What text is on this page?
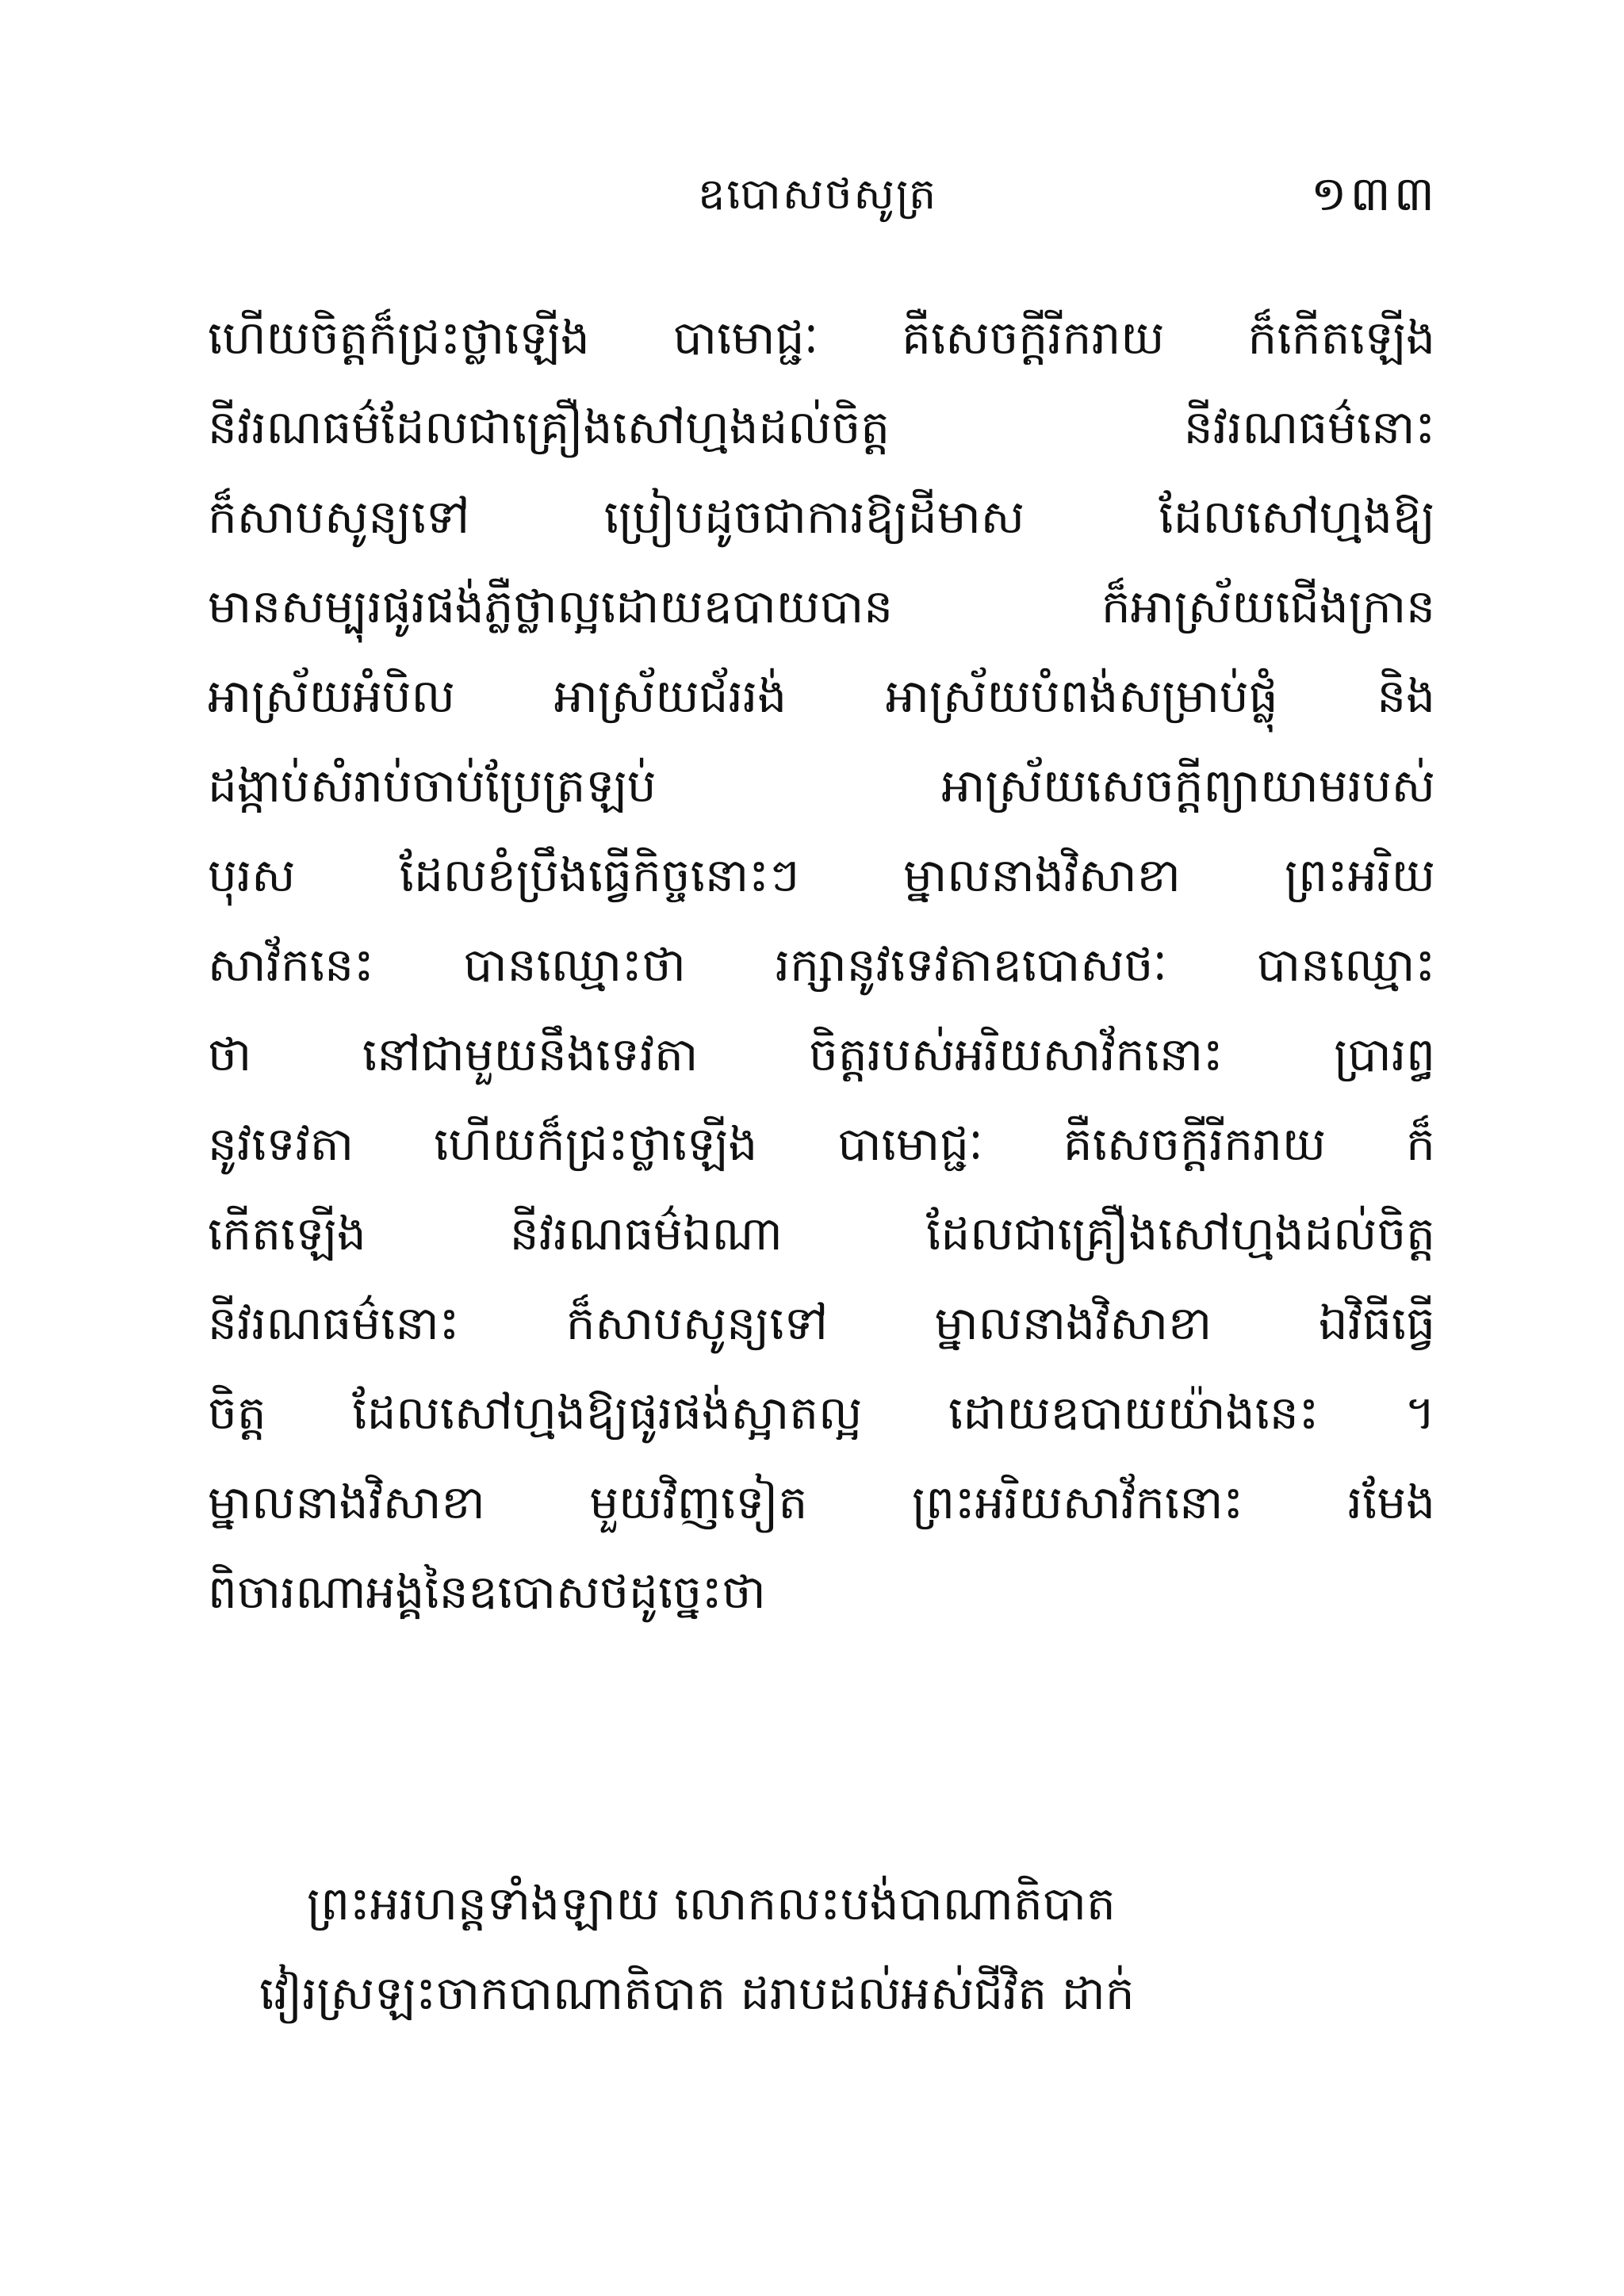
ឧបោសថសូត្រ	១៣៣
ហើយចិត្តក៏ជ្រះថ្លាឡើង បាមោជ្ជៈ គឺសេចក្តីរីករាយ ក៏កើតឡើង
នីវរណធម៌ដែលជាគ្រឿងសៅហ្មងដល់ចិត្ត នីវរណធម៌នោះ
ក៏សាបសូន្យទៅ ប្រៀបដូចជាការឱ្យដីមាស ដែលសៅហ្មងឱ្យ
មានសម្បុរផូរផង់ភ្លឺថ្លាល្អដោយឧបាយបាន ក៏អាស្រ័យជើងក្រាន
អាស្រ័យអំបិល អាស្រ័យជ័ររង់ អាស្រ័យបំពង់សម្រាប់ផ្លុំ និង
ដង្កាប់សំរាប់ចាប់ប្រែត្រឡប់ អាស្រ័យសេចក្តីព្យាយាមរបស់
បុរស ដែលខំប្រឹងធ្វើកិច្ចនោះៗ ម្នាលនាងវិសាខា ព្រះអរិយ
សាវ័កនេះ បានឈ្មោះថា រក្សានូវទេវតាឧបោសថៈ បានឈ្មោះ
ថា នៅជាមួយនឹងទេវតា ចិត្តរបស់អរិយសាវ័កនោះ ប្រារព្ធ
នូវទេវតា ហើយក៏ជ្រះថ្លាឡើង បាមោជ្ជៈ គឺសេចក្តីរីករាយ ក៏
កើតឡើង នីវរណធម៌ឯណា ដែលជាគ្រឿងសៅហ្មងដល់ចិត្ត
នីវរណធម៌នោះ ក៏សាបសូន្យទៅ ម្នាលនាងវិសាខា ឯវិធីធ្វើ
ចិត្ត ដែលសៅហ្មងឱ្យផូរផង់ស្អាតល្អ ដោយឧបាយយ៉ាងនេះ ។
ម្នាលនាងវិសាខា មួយវិញទៀត ព្រះអរិយសាវ័កនោះ រមែង
ពិចារណាអង្គនៃឧបោសថដូច្នេះថា
ព្រះអរហន្តទាំងឡាយ លោកលះបង់បាណាតិបាត
វៀរស្រឡះចាកបាណាតិបាត ដរាបដល់អស់ជីវិត ដាក់
